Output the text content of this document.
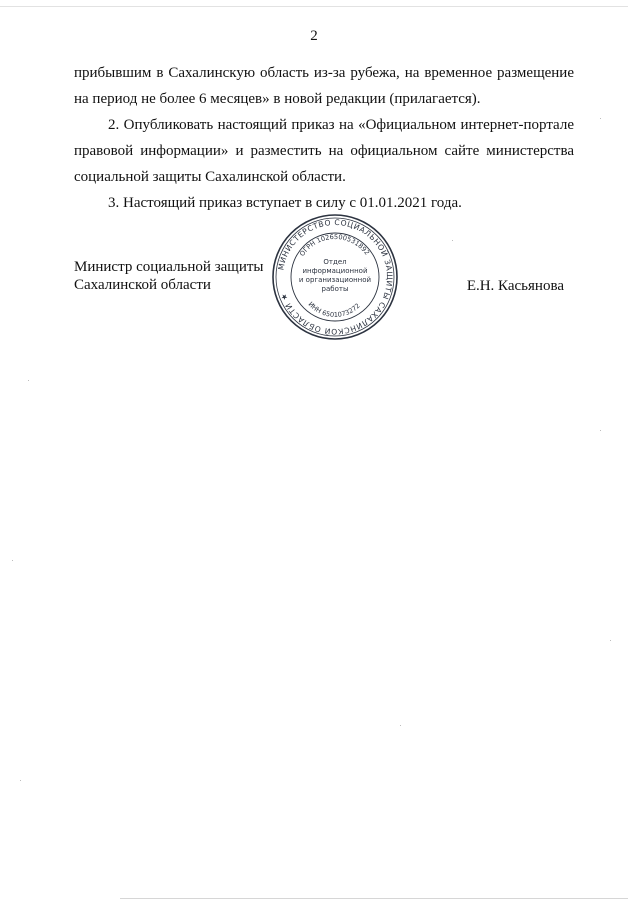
2

прибывшим в Сахалинскую область из-за рубежа, на временное размещение на период не более 6 месяцев» в новой редакции (прилагается).

2. Опубликовать настоящий приказ на «Официальном интернет-портале правовой информации» и разместить на официальном сайте министерства социальной защиты Сахалинской области.

3. Настоящий приказ вступает в силу с 01.01.2021 года.

Министр социальной защиты
Сахалинской области	Е.Н. Касьянова
МИНИСТЕРСТВО СОЦИАЛЬНОЙ ЗАЩИТЫ САХАЛИНСКОЙ ОБЛАСТИ ★
ОГРН 1026500531892
ИНН 6501073272
Отдел
информационной
и организационной
работы
